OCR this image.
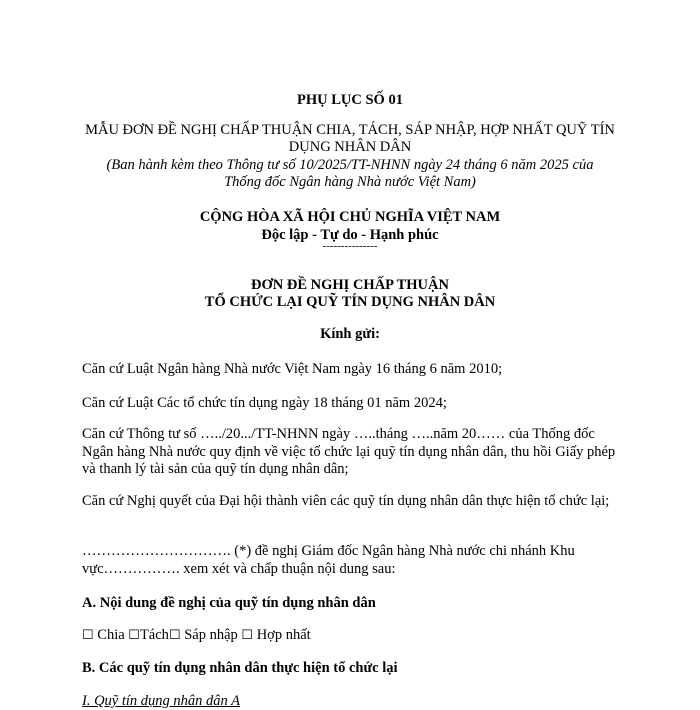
PHỤ LỤC SỐ 01
MẪU ĐƠN ĐỀ NGHỊ CHẤP THUẬN CHIA, TÁCH, SÁP NHẬP, HỢP NHẤT QUỸ TÍN DỤNG NHÂN DÂN
(Ban hành kèm theo Thông tư số 10/2025/TT-NHNN ngày 24 tháng 6 năm 2025 của Thống đốc Ngân hàng Nhà nước Việt Nam)
CỘNG HÒA XÃ HỘI CHỦ NGHĨA VIỆT NAM
Độc lập - Tự do - Hạnh phúc
---------------
ĐƠN ĐỀ NGHỊ CHẤP THUẬN
TỔ CHỨC LẠI QUỸ TÍN DỤNG NHÂN DÂN
Kính gửi:
Căn cứ Luật Ngân hàng Nhà nước Việt Nam ngày 16 tháng 6 năm 2010;
Căn cứ Luật Các tổ chức tín dụng ngày 18 tháng 01 năm 2024;
Căn cứ Thông tư số …../20.../TT-NHNN ngày …..tháng …..năm 20…… của Thống đốc Ngân hàng Nhà nước quy định về việc tổ chức lại quỹ tín dụng nhân dân, thu hồi Giấy phép và thanh lý tài sản của quỹ tín dụng nhân dân;
Căn cứ Nghị quyết của Đại hội thành viên các quỹ tín dụng nhân dân thực hiện tổ chức lại;
…………………………. (*) đề nghị Giám đốc Ngân hàng Nhà nước chi nhánh Khu vực……………. xem xét và chấp thuận nội dung sau:
A. Nội dung đề nghị của quỹ tín dụng nhân dân
☐ Chia ☐Tách☐ Sáp nhập ☐ Hợp nhất
B. Các quỹ tín dụng nhân dân thực hiện tổ chức lại
I. Quỹ tín dụng nhân dân A
